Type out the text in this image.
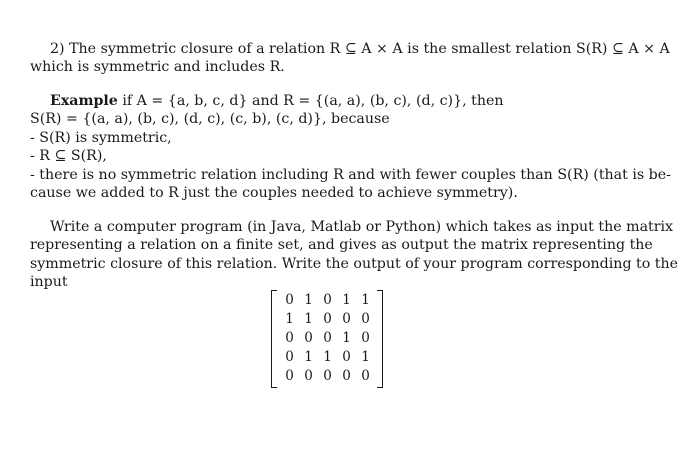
2) The symmetric closure of a relation R ⊆ A × A is the smallest relation S(R) ⊆ A × A
which is symmetric and includes R.

Example if A = {a, b, c, d} and R = {(a, a), (b, c), (d, c)}, then
S(R) = {(a, a), (b, c), (d, c), (c, b), (c, d)}, because
- S(R) is symmetric,
- R ⊆ S(R),
- there is no symmetric relation including R and with fewer couples than S(R) (that is be-
cause we added to R just the couples needed to achieve symmetry).
Write a computer program (in Java, Matlab or Python) which takes as input the matrix
representing a relation on a finite set, and gives as output the matrix representing the
symmetric closure of this relation. Write the output of your program corresponding to the
input
0	1	0	1	1
1	1	0	0	0
0	0	0	1	0
0	1	1	0	1
0	0	0	0	0
